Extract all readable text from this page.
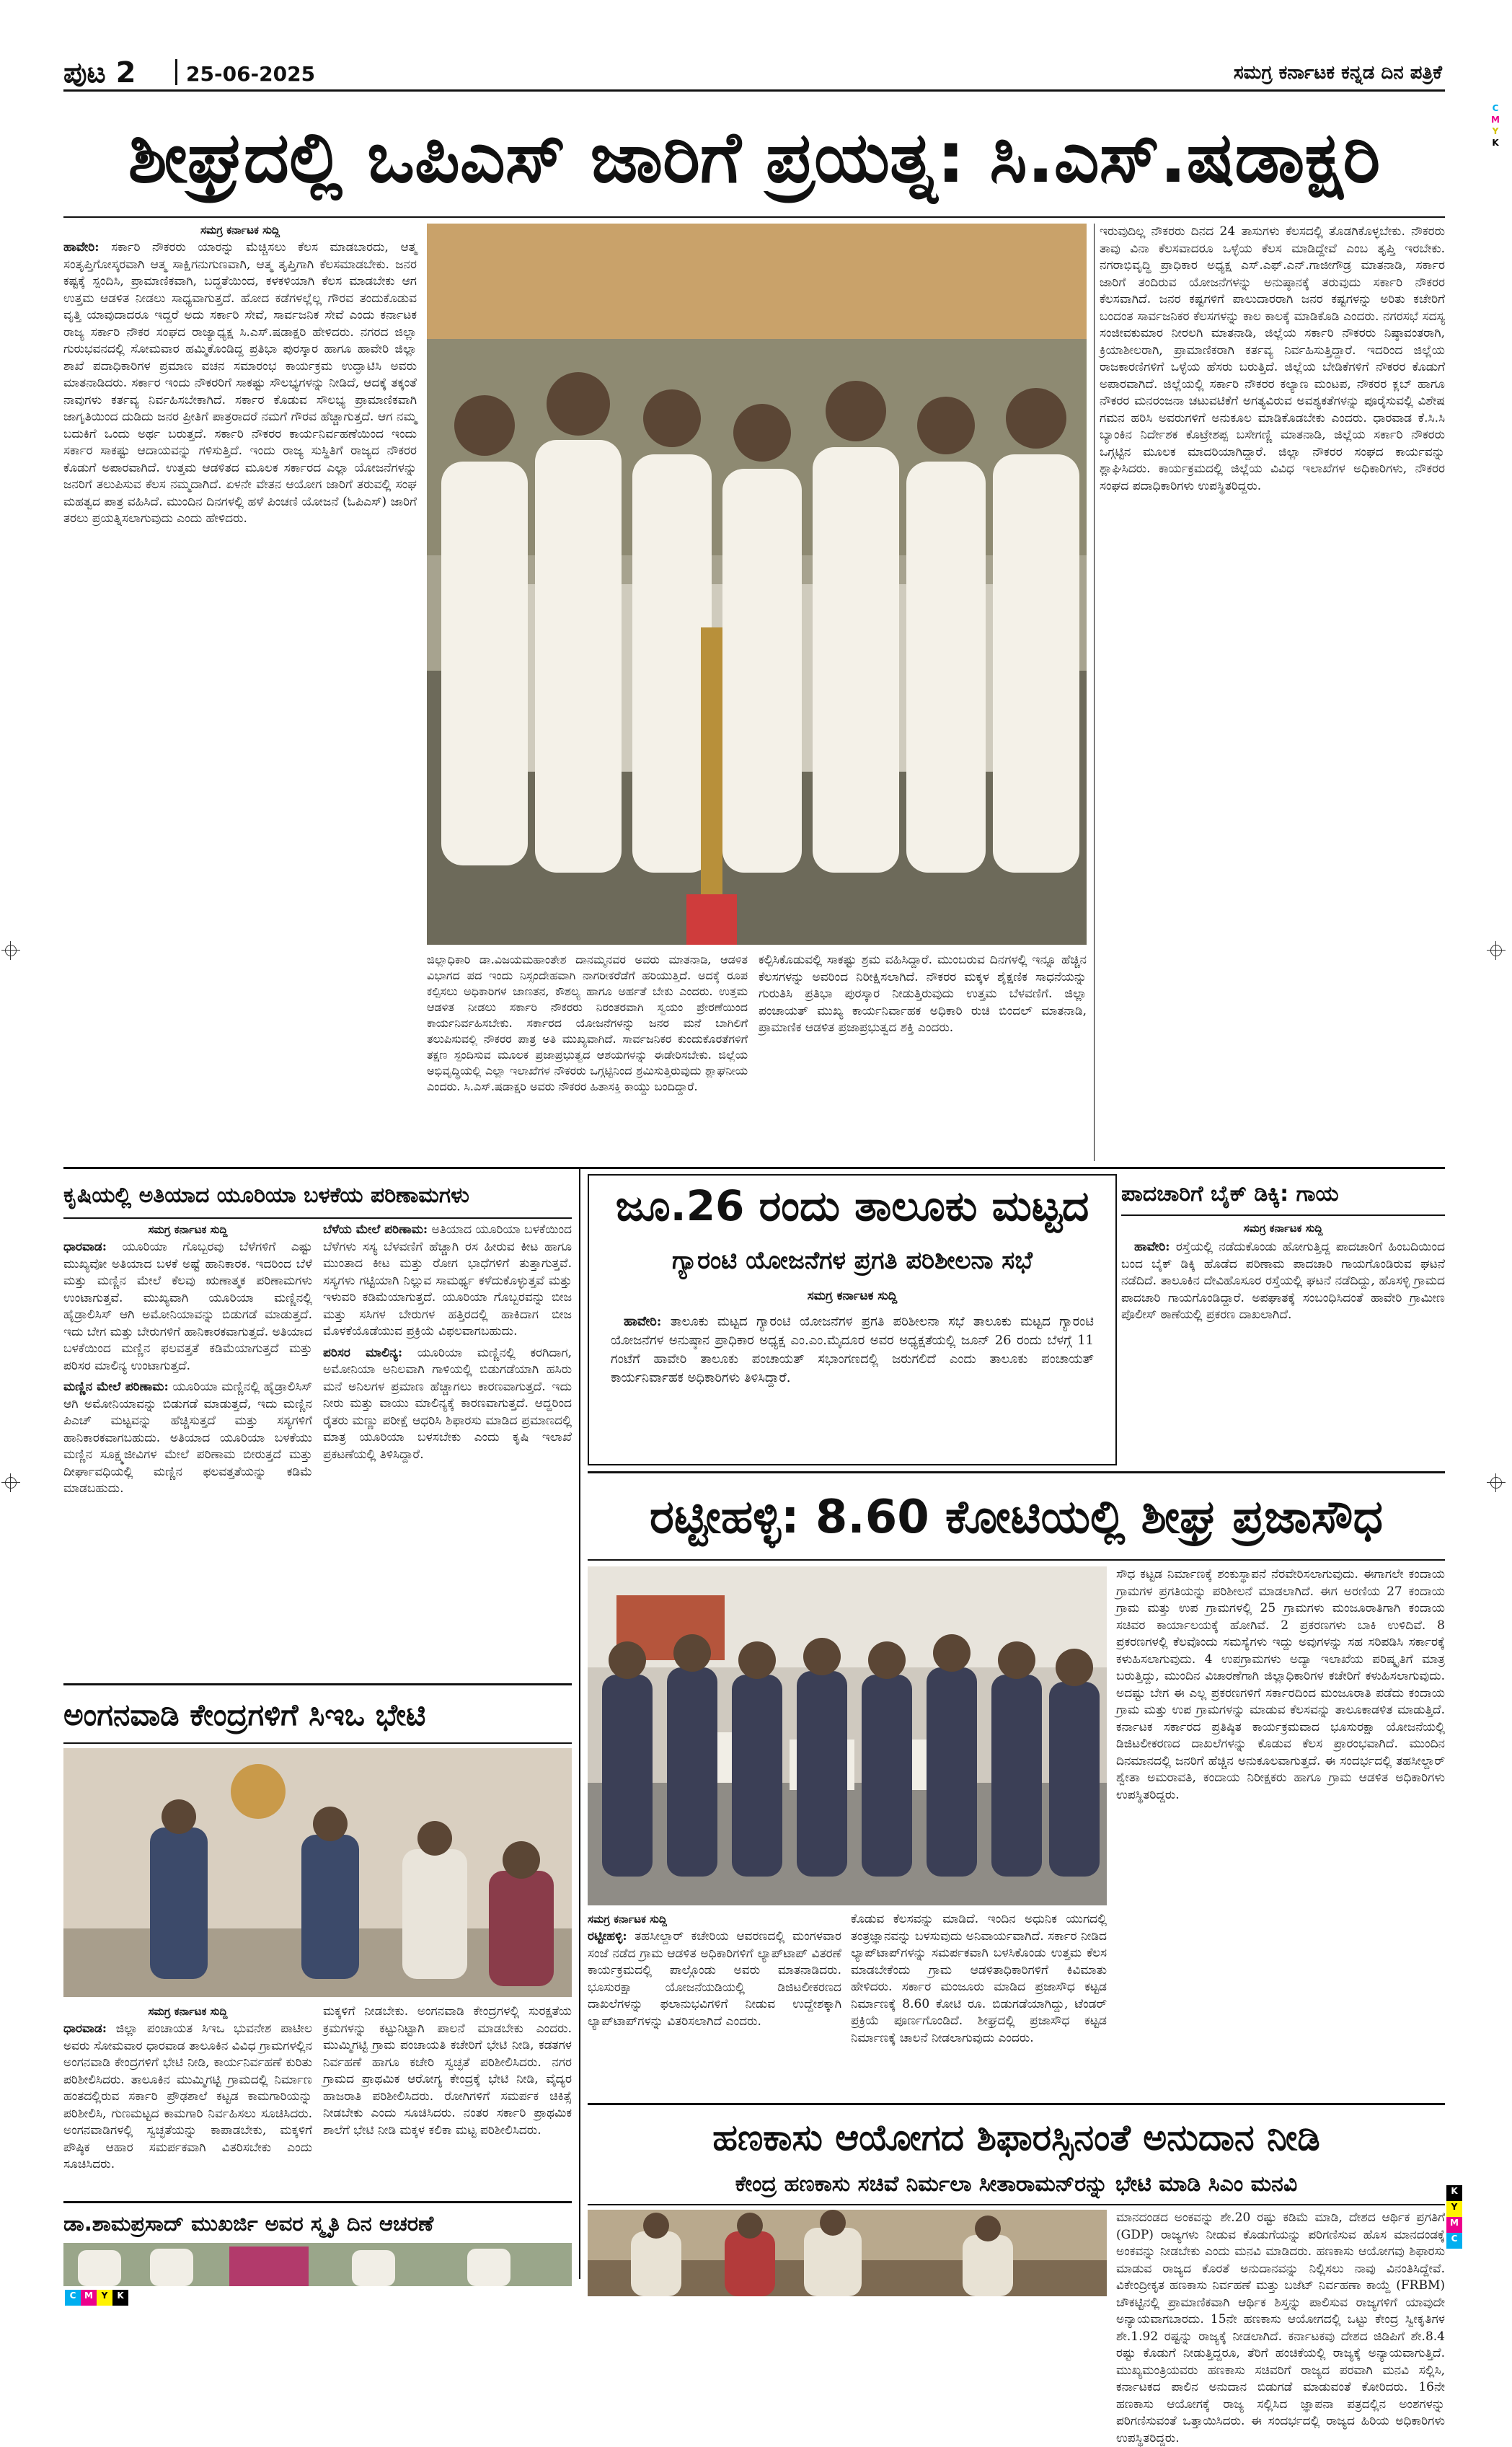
C
M
Y
K
C M Y	K
K
Y
M
C
ಪುಟ 2 25-06-2025	ಸಮಗ್ರ ಕರ್ನಾಟಕ ಕನ್ನಡ ದಿನ ಪತ್ರಿಕೆ
ಶೀಘ್ರದಲ್ಲಿ ಒಪಿಎಸ್ ಜಾರಿಗೆ ಪ್ರಯತ್ನ: ಸಿ.ಎಸ್.ಷಡಾಕ್ಷರಿ
ಸಮಗ್ರ ಕರ್ನಾಟಕ ಸುದ್ದಿ

ಹಾವೇರಿ: ಸರ್ಕಾರಿ ನೌಕರರು ಯಾರನ್ನು ಮೆಚ್ಚಿಸಲು ಕೆಲಸ ಮಾಡಬಾರದು, ಆತ್ಮ ಸಂತೃಪ್ತಿಗೋಸ್ಕರವಾಗಿ ಆತ್ಮ ಸಾಕ್ಷಿಗನುಗುಣವಾಗಿ, ಆತ್ಮ ತೃಪ್ತಿಗಾಗಿ ಕೆಲಸಮಾಡಬೇಕು. ಜನರ ಕಷ್ಟಕ್ಕೆ ಸ್ಪಂದಿಸಿ, ಪ್ರಾಮಾಣಿಕವಾಗಿ, ಬದ್ಧತೆಯಿಂದ, ಕಳಕಳಿಯಾಗಿ ಕೆಲಸ ಮಾಡಬೇಕು ಆಗ ಉತ್ತಮ ಆಡಳಿತ ನೀಡಲು ಸಾಧ್ಯವಾಗುತ್ತದೆ. ಹೋದ ಕಡೆಗಳಲ್ಲೆಲ್ಲ ಗೌರವ ತಂದುಕೊಡುವ ವೃತ್ತಿ ಯಾವುದಾದರೂ ಇದ್ದರೆ ಅದು ಸರ್ಕಾರಿ ಸೇವೆ, ಸಾರ್ವಜನಿಕ ಸೇವೆ ಎಂದು ಕರ್ನಾಟಕ ರಾಜ್ಯ ಸರ್ಕಾರಿ ನೌಕರ ಸಂಘದ ರಾಜ್ಯಾಧ್ಯಕ್ಷ ಸಿ.ಎಸ್.ಷಡಾಕ್ಷರಿ ಹೇಳಿದರು. ನಗರದ ಜಿಲ್ಲಾ ಗುರುಭವನದಲ್ಲಿ ಸೋಮವಾರ ಹಮ್ಮಿಕೊಂಡಿದ್ದ ಪ್ರತಿಭಾ ಪುರಸ್ಕಾರ ಹಾಗೂ ಹಾವೇರಿ ಜಿಲ್ಲಾ ಶಾಖೆ ಪದಾಧಿಕಾರಿಗಳ ಪ್ರಮಾಣ ವಚನ ಸಮಾರಂಭ ಕಾರ್ಯಕ್ರಮ ಉದ್ಘಾಟಿಸಿ ಅವರು ಮಾತನಾಡಿದರು. ಸರ್ಕಾರ ಇಂದು ನೌಕರರಿಗೆ ಸಾಕಷ್ಟು ಸೌಲಭ್ಯಗಳನ್ನು ನೀಡಿದೆ, ಆದಕ್ಕೆ ತಕ್ಕಂತೆ ನಾವುಗಳು ಕರ್ತವ್ಯ ನಿರ್ವಹಿಸಬೇಕಾಗಿದೆ. ಸರ್ಕಾರ ಕೊಡುವ ಸೌಲಭ್ಯ ಪ್ರಾಮಾಣಿಕವಾಗಿ ಜಾಗೃತಿಯಿಂದ ದುಡಿದು ಜನರ ಪ್ರೀತಿಗೆ ಪಾತ್ರರಾದರೆ ನಮಗೆ ಗೌರವ ಹೆಚ್ಚಾಗುತ್ತದೆ. ಆಗ ನಮ್ಮ ಬದುಕಿಗೆ ಒಂದು ಅರ್ಥ ಬರುತ್ತದೆ. ಸರ್ಕಾರಿ ನೌಕರರ ಕಾರ್ಯನಿರ್ವಹಣೆಯಿಂದ ಇಂದು ಸರ್ಕಾರ ಸಾಕಷ್ಟು ಆದಾಯವನ್ನು ಗಳಿಸುತ್ತಿದೆ. ಇಂದು ರಾಜ್ಯ ಸುಸ್ಥಿತಿಗೆ ರಾಜ್ಯದ ನೌಕರರ ಕೊಡುಗೆ ಅಪಾರವಾಗಿದೆ. ಉತ್ತಮ ಆಡಳಿತದ ಮೂಲಕ ಸರ್ಕಾರದ ಎಲ್ಲಾ ಯೋಜನೆಗಳನ್ನು ಜನರಿಗೆ ತಲುಪಿಸುವ ಕೆಲಸ ನಮ್ಮದಾಗಿದೆ. ಏಳನೇ ವೇತನ ಆಯೋಗ ಜಾರಿಗೆ ತರುವಲ್ಲಿ ಸಂಘ ಮಹತ್ವದ ಪಾತ್ರ ವಹಿಸಿದೆ. ಮುಂದಿನ ದಿನಗಳಲ್ಲಿ ಹಳೆ ಪಿಂಚಣಿ ಯೋಜನೆ (ಓಪಿಎಸ್) ಜಾರಿಗೆ ತರಲು ಪ್ರಯತ್ನಿಸಲಾಗುವುದು ಎಂದು ಹೇಳಿದರು.

ಜಿಲ್ಲಾಧಿಕಾರಿ ಡಾ.ವಿಜಯಮಹಾಂತೇಶ ದಾನಮ್ಮನವರ ಅವರು ಮಾತನಾಡಿ, ಆಡಳಿತ ವಿಭಾಗದ ಪದ ಇಂದು ನಿಸ್ಸಂದೇಹವಾಗಿ ನಾಗರೀಕರೆಡೆಗೆ ಹರಿಯುತ್ತಿದೆ. ಅದಕ್ಕೆ ರೂಪ ಕಲ್ಪಿಸಲು ಅಧಿಕಾರಿಗಳ ಜಾಣತನ, ಕೌಶಲ್ಯ ಹಾಗೂ ಅರ್ಹತೆ ಬೇಕು ಎಂದರು. ಉತ್ತಮ ಆಡಳಿತ ನೀಡಲು ಸರ್ಕಾರಿ ನೌಕರರು ನಿರಂತರವಾಗಿ ಸ್ವಯಂ ಪ್ರೇರಣೆಯಿಂದ ಕಾರ್ಯನಿರ್ವಹಿಸಬೇಕು. ಸರ್ಕಾರದ ಯೋಜನೆಗಳನ್ನು ಜನರ ಮನೆ ಬಾಗಿಲಿಗೆ ತಲುಪಿಸುವಲ್ಲಿ ನೌಕರರ ಪಾತ್ರ ಅತಿ ಮುಖ್ಯವಾಗಿದೆ. ಸಾರ್ವಜನಿಕರ ಕುಂದುಕೊರತೆಗಳಿಗೆ ತಕ್ಷಣ ಸ್ಪಂದಿಸುವ ಮೂಲಕ ಪ್ರಜಾಪ್ರಭುತ್ವದ ಆಶಯಗಳನ್ನು ಈಡೇರಿಸಬೇಕು. ಜಿಲ್ಲೆಯ ಅಭಿವೃದ್ಧಿಯಲ್ಲಿ ಎಲ್ಲಾ ಇಲಾಖೆಗಳ ನೌಕರರು ಒಗ್ಗಟ್ಟಿನಿಂದ ಶ್ರಮಿಸುತ್ತಿರುವುದು ಶ್ಲಾಘನೀಯ ಎಂದರು. ಸಿ.ಎಸ್.ಷಡಾಕ್ಷರಿ ಅವರು ನೌಕರರ ಹಿತಾಸಕ್ತಿ ಕಾಯ್ದು ಬಂದಿದ್ದಾರೆ.

ಕಲ್ಪಿಸಿಕೊಡುವಲ್ಲಿ ಸಾಕಷ್ಟು ಶ್ರಮ ವಹಿಸಿದ್ದಾರೆ. ಮುಂಬರುವ ದಿನಗಳಲ್ಲಿ ಇನ್ನೂ ಹೆಚ್ಚಿನ ಕೆಲಸಗಳನ್ನು ಅವರಿಂದ ನಿರೀಕ್ಷಿಸಲಾಗಿದೆ. ನೌಕರರ ಮಕ್ಕಳ ಶೈಕ್ಷಣಿಕ ಸಾಧನೆಯನ್ನು ಗುರುತಿಸಿ ಪ್ರತಿಭಾ ಪುರಸ್ಕಾರ ನೀಡುತ್ತಿರುವುದು ಉತ್ತಮ ಬೆಳವಣಿಗೆ. ಜಿಲ್ಲಾ ಪಂಚಾಯತ್ ಮುಖ್ಯ ಕಾರ್ಯನಿರ್ವಾಹಕ ಅಧಿಕಾರಿ ರುಚಿ ಬಿಂದಲ್ ಮಾತನಾಡಿ, ಪ್ರಾಮಾಣಿಕ ಆಡಳಿತ ಪ್ರಜಾಪ್ರಭುತ್ವದ ಶಕ್ತಿ ಎಂದರು.

ಇರುವುದಿಲ್ಲ ನೌಕರರು ದಿನದ 24 ತಾಸುಗಳು ಕೆಲಸದಲ್ಲಿ ತೊಡಗಿಕೊಳ್ಳಬೇಕು. ನೌಕರರು ತಾವು ವಿನಾ ಕೆಲಸವಾದರೂ ಒಳ್ಳೆಯ ಕೆಲಸ ಮಾಡಿದ್ದೇವೆ ಎಂಬ ತೃಪ್ತಿ ಇರಬೇಕು. ನಗರಾಭಿವೃದ್ಧಿ ಪ್ರಾಧಿಕಾರ ಅಧ್ಯಕ್ಷ ಎಸ್.ಎಫ್.ಎನ್.ಗಾಜೀಗೌಡ್ರ ಮಾತನಾಡಿ, ಸರ್ಕಾರ ಜಾರಿಗೆ ತಂದಿರುವ ಯೋಜನೆಗಳನ್ನು ಅನುಷ್ಠಾನಕ್ಕೆ ತರುವುದು ಸರ್ಕಾರಿ ನೌಕರರ ಕೆಲಸವಾಗಿದೆ. ಜನರ ಕಷ್ಟಗಳಿಗೆ ಪಾಲುದಾರರಾಗಿ ಜನರ ಕಷ್ಟಗಳನ್ನು ಅರಿತು ಕಚೇರಿಗೆ ಬಂದಂತ ಸಾರ್ವಜನಿಕರ ಕೆಲಸಗಳನ್ನು ಕಾಲ ಕಾಲಕ್ಕೆ ಮಾಡಿಕೊಡಿ ಎಂದರು. ನಗರಸಭೆ ಸದಸ್ಯ ಸಂಜೀವಕುಮಾರ ನೀರಲಗಿ ಮಾತನಾಡಿ, ಜಿಲ್ಲೆಯ ಸರ್ಕಾರಿ ನೌಕರರು ನಿಷ್ಠಾವಂತರಾಗಿ, ಕ್ರಿಯಾಶೀಲರಾಗಿ, ಪ್ರಾಮಾಣಿಕರಾಗಿ ಕರ್ತವ್ಯ ನಿರ್ವಹಿಸುತ್ತಿದ್ದಾರೆ. ಇದರಿಂದ ಜಿಲ್ಲೆಯ ರಾಜಕಾರಣಿಗಳಿಗೆ ಒಳ್ಳೆಯ ಹೆಸರು ಬರುತ್ತಿದೆ. ಜಿಲ್ಲೆಯ ಬೇಡಿಕೆಗಳಿಗೆ ನೌಕರರ ಕೊಡುಗೆ ಅಪಾರವಾಗಿದೆ. ಜಿಲ್ಲೆಯಲ್ಲಿ ಸರ್ಕಾರಿ ನೌಕರರ ಕಲ್ಯಾಣ ಮಂಟಪ, ನೌಕರರ ಕ್ಲಬ್ ಹಾಗೂ ನೌಕರರ ಮನರಂಜನಾ ಚಟುವಟಿಕೆಗೆ ಅಗತ್ಯವಿರುವ ಅವಶ್ಯಕತೆಗಳನ್ನು ಪೂರೈಸುವಲ್ಲಿ ವಿಶೇಷ ಗಮನ ಹರಿಸಿ ಅವರುಗಳಿಗೆ ಅನುಕೂಲ ಮಾಡಿಕೊಡಬೇಕು ಎಂದರು. ಧಾರವಾಡ ಕೆ.ಸಿ.ಸಿ ಬ್ಯಾಂಕಿನ ನಿರ್ದೇಶಕ ಕೊಟ್ರೇಶಪ್ಪ ಬಸೇಗಣ್ಣಿ ಮಾತನಾಡಿ, ಜಿಲ್ಲೆಯ ಸರ್ಕಾರಿ ನೌಕರರು ಒಗ್ಗಟ್ಟಿನ ಮೂಲಕ ಮಾದರಿಯಾಗಿದ್ದಾರೆ. ಜಿಲ್ಲಾ ನೌಕರರ ಸಂಘದ ಕಾರ್ಯವನ್ನು ಶ್ಲಾಘಿಸಿದರು. ಕಾರ್ಯಕ್ರಮದಲ್ಲಿ ಜಿಲ್ಲೆಯ ವಿವಿಧ ಇಲಾಖೆಗಳ ಅಧಿಕಾರಿಗಳು, ನೌಕರರ ಸಂಘದ ಪದಾಧಿಕಾರಿಗಳು ಉಪಸ್ಥಿತರಿದ್ದರು.

ಕೃಷಿಯಲ್ಲಿ ಅತಿಯಾದ ಯೂರಿಯಾ ಬಳಕೆಯ ಪರಿಣಾಮಗಳು
ಸಮಗ್ರ ಕರ್ನಾಟಕ ಸುದ್ದಿ

ಧಾರವಾಡ: ಯೂರಿಯಾ ಗೊಬ್ಬರವು ಬೆಳೆಗಳಿಗೆ ಎಷ್ಟು ಮುಖ್ಯವೋ ಅತಿಯಾದ ಬಳಕೆ ಅಷ್ಟೆ ಹಾನಿಕಾರಕ. ಇದರಿಂದ ಬೆಳೆ ಮತ್ತು ಮಣ್ಣಿನ ಮೇಲೆ ಕೆಲವು ಋಣಾತ್ಮಕ ಪರಿಣಾಮಗಳು ಉಂಟಾಗುತ್ತವೆ. ಮುಖ್ಯವಾಗಿ ಯೂರಿಯಾ ಮಣ್ಣಿನಲ್ಲಿ ಹೈಡ್ರಾಲಿಸಿಸ್ ಆಗಿ ಅಮೋನಿಯಾವನ್ನು ಬಿಡುಗಡೆ ಮಾಡುತ್ತದೆ. ಇದು ಬೇಗ ಮತ್ತು ಬೇರುಗಳಿಗೆ ಹಾನಿಕಾರಕವಾಗುತ್ತದೆ. ಅತಿಯಾದ ಬಳಕೆಯಿಂದ ಮಣ್ಣಿನ ಫಲವತ್ತತೆ ಕಡಿಮೆಯಾಗುತ್ತದೆ ಮತ್ತು ಪರಿಸರ ಮಾಲಿನ್ಯ ಉಂಟಾಗುತ್ತದೆ.

ಮಣ್ಣಿನ ಮೇಲೆ ಪರಿಣಾಮ: ಯೂರಿಯಾ ಮಣ್ಣಿನಲ್ಲಿ ಹೈಡ್ರಾಲಿಸಿಸ್ ಆಗಿ ಅಮೋನಿಯಾವನ್ನು ಬಿಡುಗಡೆ ಮಾಡುತ್ತದೆ, ಇದು ಮಣ್ಣಿನ ಪಿಎಚ್ ಮಟ್ಟವನ್ನು ಹೆಚ್ಚಿಸುತ್ತದೆ ಮತ್ತು ಸಸ್ಯಗಳಿಗೆ ಹಾನಿಕಾರಕವಾಗಬಹುದು. ಅತಿಯಾದ ಯೂರಿಯಾ ಬಳಕೆಯು ಮಣ್ಣಿನ ಸೂಕ್ಷ್ಮಜೀವಿಗಳ ಮೇಲೆ ಪರಿಣಾಮ ಬೀರುತ್ತದೆ ಮತ್ತು ದೀರ್ಘಾವಧಿಯಲ್ಲಿ ಮಣ್ಣಿನ ಫಲವತ್ತತೆಯನ್ನು ಕಡಿಮೆ ಮಾಡಬಹುದು.

ಬೆಳೆಯ ಮೇಲೆ ಪರಿಣಾಮ: ಅತಿಯಾದ ಯೂರಿಯಾ ಬಳಕೆಯಿಂದ ಬೆಳೆಗಳು ಸಸ್ಯ ಬೆಳವಣಿಗೆ ಹೆಚ್ಚಾಗಿ ರಸ ಹೀರುವ ಕೀಟ ಹಾಗೂ ಮುಂತಾದ ಕೀಟ ಮತ್ತು ರೋಗ ಭಾಧೆಗಳಿಗೆ ತುತ್ತಾಗುತ್ತವೆ. ಸಸ್ಯಗಳು ಗಟ್ಟಿಯಾಗಿ ನಿಲ್ಲುವ ಸಾಮರ್ಥ್ಯ ಕಳೆದುಕೊಳ್ಳುತ್ತವೆ ಮತ್ತು ಇಳುವರಿ ಕಡಿಮೆಯಾಗುತ್ತದೆ. ಯೂರಿಯಾ ಗೊಬ್ಬರವನ್ನು ಬೀಜ ಮತ್ತು ಸಸಿಗಳ ಬೇರುಗಳ ಹತ್ತಿರದಲ್ಲಿ ಹಾಕಿದಾಗ ಬೀಜ ಮೊಳಕೆಯೊಡೆಯುವ ಪ್ರಕ್ರಿಯೆ ವಿಫಲವಾಗಬಹುದು.

ಪರಿಸರ ಮಾಲಿನ್ಯ: ಯೂರಿಯಾ ಮಣ್ಣಿನಲ್ಲಿ ಕರಗಿದಾಗ, ಅಮೋನಿಯಾ ಅನಿಲವಾಗಿ ಗಾಳಿಯಲ್ಲಿ ಬಿಡುಗಡೆಯಾಗಿ ಹಸಿರು ಮನೆ ಅನಿಲಗಳ ಪ್ರಮಾಣ ಹೆಚ್ಚಾಗಲು ಕಾರಣವಾಗುತ್ತದೆ. ಇದು ನೀರು ಮತ್ತು ವಾಯು ಮಾಲಿನ್ಯಕ್ಕೆ ಕಾರಣವಾಗುತ್ತದೆ. ಆದ್ದರಿಂದ ರೈತರು ಮಣ್ಣು ಪರೀಕ್ಷೆ ಆಧರಿಸಿ ಶಿಫಾರಸು ಮಾಡಿದ ಪ್ರಮಾಣದಲ್ಲಿ ಮಾತ್ರ ಯೂರಿಯಾ ಬಳಸಬೇಕು ಎಂದು ಕೃಷಿ ಇಲಾಖೆ ಪ್ರಕಟಣೆಯಲ್ಲಿ ತಿಳಿಸಿದ್ದಾರೆ.

ಜೂ.26 ರಂದು ತಾಲೂಕು ಮಟ್ಟದ
ಗ್ಯಾರಂಟಿ ಯೋಜನೆಗಳ ಪ್ರಗತಿ ಪರಿಶೀಲನಾ ಸಭೆ
ಸಮಗ್ರ ಕರ್ನಾಟಕ ಸುದ್ದಿ

ಹಾವೇರಿ: ತಾಲೂಕು ಮಟ್ಟದ ಗ್ಯಾರಂಟಿ ಯೋಜನೆಗಳ ಪ್ರಗತಿ ಪರಿಶೀಲನಾ ಸಭೆ ತಾಲೂಕು ಮಟ್ಟದ ಗ್ಯಾರಂಟಿ ಯೋಜನೆಗಳ ಅನುಷ್ಠಾನ ಪ್ರಾಧಿಕಾರ ಅಧ್ಯಕ್ಷ ಎಂ.ಎಂ.ಮೈದೂರ ಅವರ ಅಧ್ಯಕ್ಷತೆಯಲ್ಲಿ ಜೂನ್ 26 ರಂದು ಬೆಳಗ್ಗೆ 11 ಗಂಟೆಗೆ ಹಾವೇರಿ ತಾಲೂಕು ಪಂಚಾಯತ್ ಸಭಾಂಗಣದಲ್ಲಿ ಜರುಗಲಿದೆ ಎಂದು ತಾಲೂಕು ಪಂಚಾಯತ್ ಕಾರ್ಯನಿರ್ವಾಹಕ ಅಧಿಕಾರಿಗಳು ತಿಳಿಸಿದ್ದಾರೆ.

ಪಾದಚಾರಿಗೆ ಬೈಕ್ ಡಿಕ್ಕಿ: ಗಾಯ
ಸಮಗ್ರ ಕರ್ನಾಟಕ ಸುದ್ದಿ

ಹಾವೇರಿ: ರಸ್ತೆಯಲ್ಲಿ ನಡೆದುಕೊಂಡು ಹೋಗುತ್ತಿದ್ದ ಪಾದಚಾರಿಗೆ ಹಿಂಬದಿಯಿಂದ ಬಂದ ಬೈಕ್ ಡಿಕ್ಕಿ ಹೊಡೆದ ಪರಿಣಾಮ ಪಾದಚಾರಿ ಗಾಯಗೊಂಡಿರುವ ಘಟನೆ ನಡೆದಿದೆ. ತಾಲೂಕಿನ ದೇವಿಹೊಸೂರ ರಸ್ತೆಯಲ್ಲಿ ಘಟನೆ ನಡೆದಿದ್ದು, ಹೊಸಳ್ಳಿ ಗ್ರಾಮದ ಪಾದಚಾರಿ ಗಾಯಗೊಂಡಿದ್ದಾರೆ. ಅಪಘಾತಕ್ಕೆ ಸಂಬಂಧಿಸಿದಂತೆ ಹಾವೇರಿ ಗ್ರಾಮೀಣ ಪೊಲೀಸ್ ಠಾಣೆಯಲ್ಲಿ ಪ್ರಕರಣ ದಾಖಲಾಗಿದೆ.

ರಟ್ಟೀಹಳ್ಳಿ: 8.60 ಕೋಟಿಯಲ್ಲಿ ಶೀಘ್ರ ಪ್ರಜಾಸೌಧ

ಸೌಧ ಕಟ್ಟಡ ನಿರ್ಮಾಣಕ್ಕೆ ಶಂಕುಸ್ಥಾಪನೆ ನೆರವೇರಿಸಲಾಗುವುದು. ಈಗಾಗಲೇ ಕಂದಾಯ ಗ್ರಾಮಗಳ ಪ್ರಗತಿಯನ್ನು ಪರಿಶೀಲನೆ ಮಾಡಲಾಗಿದೆ. ಈಗ ಅರಣಿಯ 27 ಕಂದಾಯ ಗ್ರಾಮ ಮತ್ತು ಉಪ ಗ್ರಾಮಗಳಲ್ಲಿ 25 ಗ್ರಾಮಗಳು ಮಂಜೂರಾತಿಗಾಗಿ ಕಂದಾಯ ಸಚಿವರ ಕಾರ್ಯಾಲಯಕ್ಕೆ ಹೋಗಿವೆ. 2 ಪ್ರಕರಣಗಳು ಬಾಕಿ ಉಳಿದಿವೆ. 8 ಪ್ರಕರಣಗಳಲ್ಲಿ ಕೆಲವೊಂದು ಸಮಸ್ಯೆಗಳು ಇದ್ದು ಅವುಗಳನ್ನು ಸಹ ಸರಿಪಡಿಸಿ ಸರ್ಕಾರಕ್ಕೆ ಕಳುಹಿಸಲಾಗುವುದು. 4 ಉಪಗ್ರಾಮಗಳು ಅದ್ಯಾ ಇಲಾಖೆಯ ಪರಿಷ್ಕೃತಿಗೆ ಮಾತ್ರ ಬರುತ್ತಿದ್ದು, ಮುಂದಿನ ವಿಚಾರಣೆಗಾಗಿ ಜಿಲ್ಲಾಧಿಕಾರಿಗಳ ಕಚೇರಿಗೆ ಕಳುಹಿಸಲಾಗುವುದು. ಅದಷ್ಟು ಬೇಗ ಈ ಎಲ್ಲ ಪ್ರಕರಣಗಳಿಗೆ ಸರ್ಕಾರದಿಂದ ಮಂಜೂರಾತಿ ಪಡೆದು ಕಂದಾಯ ಗ್ರಾಮ ಮತ್ತು ಉಪ ಗ್ರಾಮಗಳನ್ನು ಮಾಡುವ ಕೆಲಸವನ್ನು ತಾಲೂಕಾಡಳಿತ ಮಾಡುತ್ತಿದೆ. ಕರ್ನಾಟಕ ಸರ್ಕಾರದ ಪ್ರತಿಷ್ಠಿತ ಕಾರ್ಯಕ್ರಮವಾದ ಭೂಸುರಕ್ಷಾ ಯೋಜನೆಯಲ್ಲಿ ಡಿಜಿಟಲೀಕರಣದ ದಾಖಲೆಗಳನ್ನು ಕೊಡುವ ಕೆಲಸ ಪ್ರಾರಂಭವಾಗಿದೆ. ಮುಂದಿನ ದಿನಮಾನದಲ್ಲಿ ಜನರಿಗೆ ಹೆಚ್ಚಿನ ಅನುಕೂಲವಾಗುತ್ತದೆ. ಈ ಸಂದರ್ಭದಲ್ಲಿ ತಹಸೀಲ್ದಾರ್ ಶ್ವೇತಾ ಅಮರಾವತಿ, ಕಂದಾಯ ನಿರೀಕ್ಷಕರು ಹಾಗೂ ಗ್ರಾಮ ಆಡಳಿತ ಅಧಿಕಾರಿಗಳು ಉಪಸ್ಥಿತರಿದ್ದರು.

ಸಮಗ್ರ ಕರ್ನಾಟಕ ಸುದ್ದಿ

ರಟ್ಟೀಹಳ್ಳಿ: ತಹಸೀಲ್ದಾರ್ ಕಚೇರಿಯ ಆವರಣದಲ್ಲಿ ಮಂಗಳವಾರ ಸಂಜೆ ನಡೆದ ಗ್ರಾಮ ಆಡಳಿತ ಅಧಿಕಾರಿಗಳಿಗೆ ಲ್ಯಾಪ್‌ಟಾಪ್ ವಿತರಣೆ ಕಾರ್ಯಕ್ರಮದಲ್ಲಿ ಪಾಲ್ಗೊಂಡು ಅವರು ಮಾತನಾಡಿದರು. ಭೂಸುರಕ್ಷಾ ಯೋಜನೆಯಡಿಯಲ್ಲಿ ಡಿಜಿಟಲೀಕರಣದ ದಾಖಲೆಗಳನ್ನು ಫಲಾನುಭವಿಗಳಿಗೆ ನೀಡುವ ಉದ್ದೇಶಕ್ಕಾಗಿ ಲ್ಯಾಪ್‌ಟಾಪ್‌ಗಳನ್ನು ವಿತರಿಸಲಾಗಿದೆ ಎಂದರು.

ಕೊಡುವ ಕೆಲಸವನ್ನು ಮಾಡಿದೆ. ಇಂದಿನ ಅಧುನಿಕ ಯುಗದಲ್ಲಿ ತಂತ್ರಜ್ಞಾನವನ್ನು ಬಳಸುವುದು ಅನಿವಾರ್ಯವಾಗಿದೆ. ಸರ್ಕಾರ ನೀಡಿದ ಲ್ಯಾಪ್‌ಟಾಪ್‌ಗಳನ್ನು ಸಮರ್ಪಕವಾಗಿ ಬಳಸಿಕೊಂಡು ಉತ್ತಮ ಕೆಲಸ ಮಾಡಬೇಕೆಂದು ಗ್ರಾಮ ಆಡಳಿತಾಧಿಕಾರಿಗಳಿಗೆ ಕಿವಿಮಾತು ಹೇಳಿದರು. ಸರ್ಕಾರ ಮಂಜೂರು ಮಾಡಿದ ಪ್ರಜಾಸೌಧ ಕಟ್ಟಡ ನಿರ್ಮಾಣಕ್ಕೆ 8.60 ಕೋಟಿ ರೂ. ಬಿಡುಗಡೆಯಾಗಿದ್ದು, ಟೆಂಡರ್ ಪ್ರಕ್ರಿಯೆ ಪೂರ್ಣಗೊಂಡಿದೆ. ಶೀಘ್ರದಲ್ಲಿ ಪ್ರಜಾಸೌಧ ಕಟ್ಟಡ ನಿರ್ಮಾಣಕ್ಕೆ ಚಾಲನೆ ನೀಡಲಾಗುವುದು ಎಂದರು.

ಅಂಗನವಾಡಿ ಕೇಂದ್ರಗಳಿಗೆ ಸಿಇಒ ಭೇಟಿ
ಸಮಗ್ರ ಕರ್ನಾಟಕ ಸುದ್ದಿ

ಧಾರವಾಡ: ಜಿಲ್ಲಾ ಪಂಚಾಯತ ಸಿಇಒ ಭುವನೇಶ ಪಾಟೀಲ ಅವರು ಸೋಮವಾರ ಧಾರವಾಡ ತಾಲೂಕಿನ ವಿವಿಧ ಗ್ರಾಮಗಳಲ್ಲಿನ ಅಂಗನವಾಡಿ ಕೇಂದ್ರಗಳಿಗೆ ಭೇಟಿ ನೀಡಿ, ಕಾರ್ಯನಿರ್ವಹಣೆ ಕುರಿತು ಪರಿಶೀಲಿಸಿದರು. ತಾಲೂಕಿನ ಮುಮ್ಮಿಗಟ್ಟಿ ಗ್ರಾಮದಲ್ಲಿ ನಿರ್ಮಾಣ ಹಂತದಲ್ಲಿರುವ ಸರ್ಕಾರಿ ಪ್ರೌಢಶಾಲೆ ಕಟ್ಟಡ ಕಾಮಗಾರಿಯನ್ನು ಪರಿಶೀಲಿಸಿ, ಗುಣಮಟ್ಟದ ಕಾಮಗಾರಿ ನಿರ್ವಹಿಸಲು ಸೂಚಿಸಿದರು. ಅಂಗನವಾಡಿಗಳಲ್ಲಿ ಸ್ವಚ್ಛತೆಯನ್ನು ಕಾಪಾಡಬೇಕು, ಮಕ್ಕಳಿಗೆ ಪೌಷ್ಠಿಕ ಆಹಾರ ಸಮರ್ಪಕವಾಗಿ ವಿತರಿಸಬೇಕು ಎಂದು ಸೂಚಿಸಿದರು.

ಮಕ್ಕಳಿಗೆ ನೀಡಬೇಕು. ಅಂಗನವಾಡಿ ಕೇಂದ್ರಗಳಲ್ಲಿ ಸುರಕ್ಷತೆಯ ಕ್ರಮಗಳನ್ನು ಕಟ್ಟುನಿಟ್ಟಾಗಿ ಪಾಲನೆ ಮಾಡಬೇಕು ಎಂದರು. ಮುಮ್ಮಿಗಟ್ಟಿ ಗ್ರಾಮ ಪಂಚಾಯತಿ ಕಚೇರಿಗೆ ಭೇಟಿ ನೀಡಿ, ಕಡತಗಳ ನಿರ್ವಹಣೆ ಹಾಗೂ ಕಚೇರಿ ಸ್ವಚ್ಛತೆ ಪರಿಶೀಲಿಸಿದರು. ನಗರ ಗ್ರಾಮದ ಪ್ರಾಥಮಿಕ ಆರೋಗ್ಯ ಕೇಂದ್ರಕ್ಕೆ ಭೇಟಿ ನೀಡಿ, ವೈದ್ಯರ ಹಾಜರಾತಿ ಪರಿಶೀಲಿಸಿದರು. ರೋಗಿಗಳಿಗೆ ಸಮರ್ಪಕ ಚಿಕಿತ್ಸೆ ನೀಡಬೇಕು ಎಂದು ಸೂಚಿಸಿದರು. ನಂತರ ಸರ್ಕಾರಿ ಪ್ರಾಥಮಿಕ ಶಾಲೆಗೆ ಭೇಟಿ ನೀಡಿ ಮಕ್ಕಳ ಕಲಿಕಾ ಮಟ್ಟ ಪರಿಶೀಲಿಸಿದರು.	ಹಣಕಾಸು ಆಯೋಗದ ಶಿಫಾರಸ್ಸಿನಂತೆ ಅನುದಾನ ನೀಡಿ
ಕೇಂದ್ರ ಹಣಕಾಸು ಸಚಿವೆ ನಿರ್ಮಲಾ ಸೀತಾರಾಮನ್‌ರನ್ನು ಭೇಟಿ ಮಾಡಿ ಸಿಎಂ ಮನವಿ

ಮಾನದಂಡದ ಅಂಕವನ್ನು ಶೇ.20 ರಷ್ಟು ಕಡಿಮೆ ಮಾಡಿ, ದೇಶದ ಆರ್ಥಿಕ ಪ್ರಗತಿಗೆ (GDP) ರಾಜ್ಯಗಳು ನೀಡುವ ಕೊಡುಗೆಯನ್ನು ಪರಿಗಣಿಸುವ ಹೊಸ ಮಾನದಂಡಕ್ಕೆ ಅಂಕವನ್ನು ನೀಡಬೇಕು ಎಂದು ಮನವಿ ಮಾಡಿದರು. ಹಣಕಾಸು ಆಯೋಗವು ಶಿಫಾರಸು ಮಾಡುವ ರಾಜ್ಯದ ಕೊರತೆ ಅನುದಾನವನ್ನು ನಿಲ್ಲಿಸಲು ನಾವು ವಿನಂತಿಸಿದ್ದೇವೆ. ವಿಕೇಂದ್ರೀಕೃತ ಹಣಕಾಸು ನಿರ್ವಹಣೆ ಮತ್ತು ಬಜೆಟ್ ನಿರ್ವಹಣಾ ಕಾಯ್ದೆ (FRBM) ಚೌಕಟ್ಟಿನಲ್ಲಿ ಪ್ರಾಮಾಣಿಕವಾಗಿ ಆರ್ಥಿಕ ಶಿಸ್ತನ್ನು ಪಾಲಿಸುವ ರಾಜ್ಯಗಳಿಗೆ ಯಾವುದೇ ಅನ್ಯಾಯವಾಗಬಾರದು. 15ನೇ ಹಣಕಾಸು ಆಯೋಗದಲ್ಲಿ ಒಟ್ಟು ಕೇಂದ್ರ ಸ್ವೀಕೃತಿಗಳ ಶೇ.1.92 ರಷ್ಟನ್ನು ರಾಜ್ಯಕ್ಕೆ ನೀಡಲಾಗಿದೆ. ಕರ್ನಾಟಕವು ದೇಶದ ಜಿಡಿಪಿಗೆ ಶೇ.8.4 ರಷ್ಟು ಕೊಡುಗೆ ನೀಡುತ್ತಿದ್ದರೂ, ತೆರಿಗೆ ಹಂಚಿಕೆಯಲ್ಲಿ ರಾಜ್ಯಕ್ಕೆ ಅನ್ಯಾಯವಾಗುತ್ತಿದೆ. ಮುಖ್ಯಮಂತ್ರಿಯವರು ಹಣಕಾಸು ಸಚಿವರಿಗೆ ರಾಜ್ಯದ ಪರವಾಗಿ ಮನವಿ ಸಲ್ಲಿಸಿ, ಕರ್ನಾಟಕದ ಪಾಲಿನ ಅನುದಾನ ಬಿಡುಗಡೆ ಮಾಡುವಂತೆ ಕೋರಿದರು. 16ನೇ ಹಣಕಾಸು ಆಯೋಗಕ್ಕೆ ರಾಜ್ಯ ಸಲ್ಲಿಸಿದ ಜ್ಞಾಪನಾ ಪತ್ರದಲ್ಲಿನ ಅಂಶಗಳನ್ನು ಪರಿಗಣಿಸುವಂತೆ ಒತ್ತಾಯಿಸಿದರು. ಈ ಸಂದರ್ಭದಲ್ಲಿ ರಾಜ್ಯದ ಹಿರಿಯ ಅಧಿಕಾರಿಗಳು ಉಪಸ್ಥಿತರಿದ್ದರು.

ಡಾ.ಶಾಮಪ್ರಸಾದ್ ಮುಖರ್ಜಿ ಅವರ ಸ್ಮೃತಿ ದಿನ ಆಚರಣೆ
